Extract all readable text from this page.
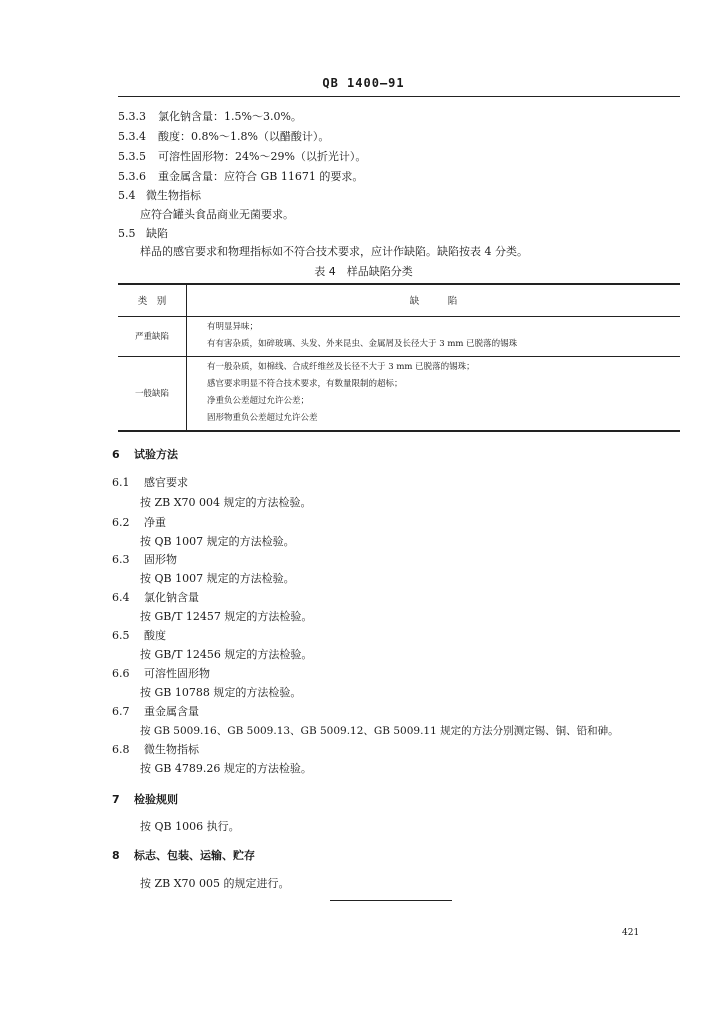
QB 1400—91
5.3.3 氯化钠含量：1.5%～3.0%。
5.3.4 酸度：0.8%～1.8%（以醋酸计）。
5.3.5 可溶性固形物：24%～29%（以折光计）。
5.3.6 重金属含量：应符合 GB 11671 的要求。
5.4 微生物指标
应符合罐头食品商业无菌要求。
5.5 缺陷
样品的感官要求和物理指标如不符合技术要求，应计作缺陷。缺陷按表 4 分类。
表 4　样品缺陷分类
类　别	缺　　　陷
严重缺陷	有明显异味；
有有害杂质，如碎玻璃、头发、外来昆虫、金属屑及长径大于 3 mm 已脱落的锡珠

一般缺陷	有一般杂质，如棉线、合成纤维丝及长径不大于 3 mm 已脱落的锡珠；
感官要求明显不符合技术要求，有数量限制的超标；
净重负公差超过允许公差；
固形物重负公差超过允许公差
6 试验方法
6.1 感官要求
按 ZB X70 004 规定的方法检验。
6.2 净重
按 QB 1007 规定的方法检验。
6.3 固形物
按 QB 1007 规定的方法检验。
6.4 氯化钠含量
按 GB/T 12457 规定的方法检验。
6.5 酸度
按 GB/T 12456 规定的方法检验。
6.6 可溶性固形物
按 GB 10788 规定的方法检验。
6.7 重金属含量
按 GB 5009.16、GB 5009.13、GB 5009.12、GB 5009.11 规定的方法分别测定锡、铜、铅和砷。
6.8 微生物指标
按 GB 4789.26 规定的方法检验。
7 检验规则
按 QB 1006 执行。
8 标志、包装、运输、贮存
按 ZB X70 005 的规定进行。
421
